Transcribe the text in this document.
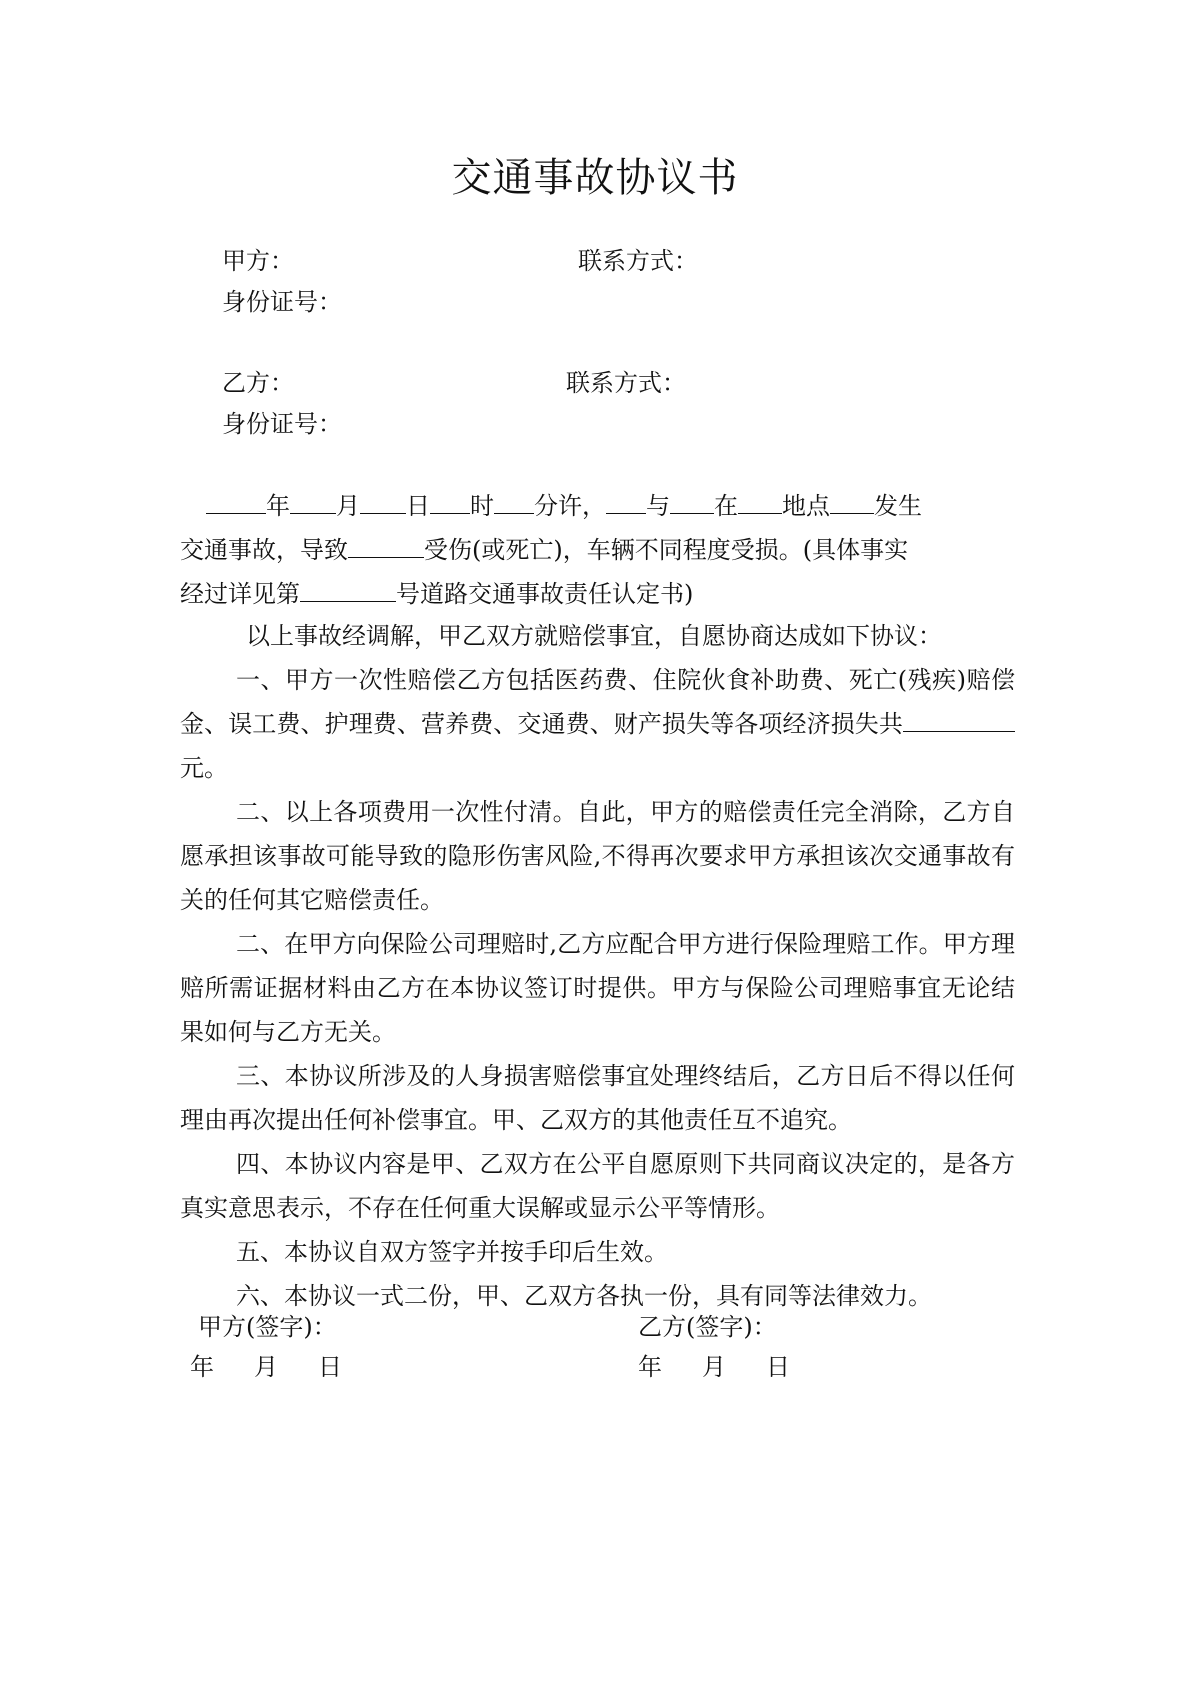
交通事故协议书
甲方：	联系方式：
身份证号：
乙方：	联系方式：
身份证号：

年 月 日 时 分许， 与 在 地点 发生

交通事故，导致	受伤(或死亡)，车辆不同程度受损。(具体事实

经过详见第	号道路交通事故责任认定书)

以上事故经调解，甲乙双方就赔偿事宜，自愿协商达成如下协议：

一、甲方一次性赔偿乙方包括医药费、住院伙食补助费、死亡(残疾)赔偿金、误工费、护理费、营养费、交通费、财产损失等各项经济损失共元。

二、以上各项费用一次性付清。自此，甲方的赔偿责任完全消除，乙方自愿承担该事故可能导致的隐形伤害风险,不得再次要求甲方承担该次交通事故有关的任何其它赔偿责任。

二、在甲方向保险公司理赔时,乙方应配合甲方进行保险理赔工作。甲方理赔所需证据材料由乙方在本协议签订时提供。甲方与保险公司理赔事宜无论结果如何与乙方无关。

三、本协议所涉及的人身损害赔偿事宜处理终结后，乙方日后不得以任何理由再次提出任何补偿事宜。甲、乙双方的其他责任互不追究。

四、本协议内容是甲、乙双方在公平自愿原则下共同商议决定的，是各方真实意思表示，不存在任何重大误解或显示公平等情形。

五、本协议自双方签字并按手印后生效。

六、本协议一式二份，甲、乙双方各执一份，具有同等法律效力。

甲方(签字)：	乙方(签字)：
年 月 日	年 月 日
